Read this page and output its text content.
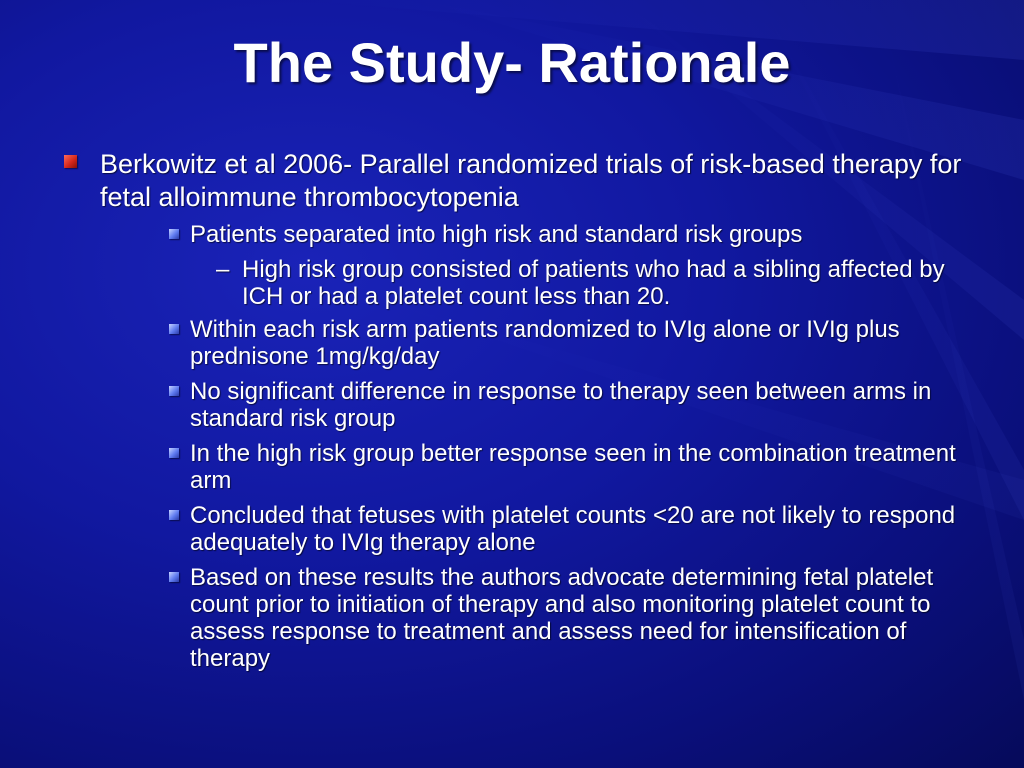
The Study- Rationale
Berkowitz et al 2006- Parallel randomized trials of risk-based therapy for fetal alloimmune thrombocytopenia
Patients separated into high risk and standard risk groups
– High risk group consisted of patients who had a sibling affected by ICH or had a platelet count less than 20.
Within each risk arm patients randomized to IVIg alone or IVIg plus prednisone 1mg/kg/day
No significant difference in response to therapy seen between arms in standard risk group
In the high risk group better response seen in the combination treatment arm
Concluded that fetuses with platelet counts <20 are not likely to respond adequately to IVIg therapy alone
Based on these results the authors advocate determining fetal platelet count prior to initiation of therapy and also monitoring platelet count to assess response to treatment and assess need for intensification of therapy
